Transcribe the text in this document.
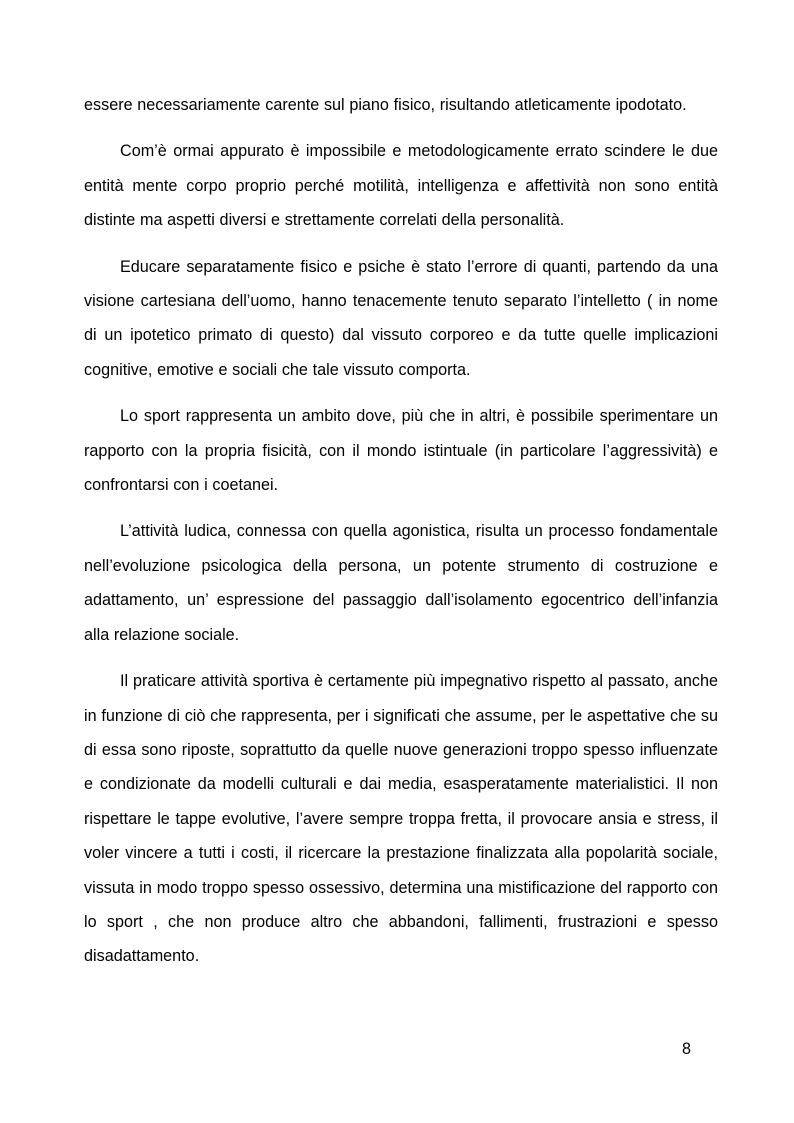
essere necessariamente carente sul piano fisico, risultando atleticamente ipodotato.

Com’è ormai appurato è impossibile e metodologicamente errato scindere le due entità mente corpo proprio perché motilità, intelligenza e affettività non sono entità distinte ma aspetti diversi e strettamente correlati della personalità.

Educare separatamente fisico e psiche è stato l’errore di quanti, partendo da una visione cartesiana dell’uomo, hanno tenacemente tenuto separato l’intelletto ( in nome di un ipotetico primato di questo) dal vissuto corporeo e da tutte quelle implicazioni cognitive, emotive e sociali che tale vissuto comporta.

Lo sport rappresenta un ambito dove, più che in altri, è possibile sperimentare un rapporto con la propria fisicità, con il mondo istintuale (in particolare l’aggressività) e confrontarsi con i coetanei.

L’attività ludica, connessa con quella agonistica, risulta un processo fondamentale nell’evoluzione psicologica della persona, un potente strumento di costruzione e adattamento, un’ espressione del passaggio dall’isolamento egocentrico dell’infanzia alla relazione sociale.

Il praticare attività sportiva è certamente più impegnativo rispetto al passato, anche in funzione di ciò che rappresenta, per i significati che assume, per le aspettative che su di essa sono riposte, soprattutto da quelle nuove generazioni troppo spesso influenzate e condizionate da modelli culturali e dai media, esasperatamente materialistici. Il non rispettare le tappe evolutive, l’avere sempre troppa fretta, il provocare ansia e stress, il voler vincere a tutti i costi, il ricercare la prestazione finalizzata alla popolarità sociale, vissuta in modo troppo spesso ossessivo, determina una mistificazione del rapporto con lo sport , che non produce altro che abbandoni, fallimenti, frustrazioni e spesso disadattamento.

8
